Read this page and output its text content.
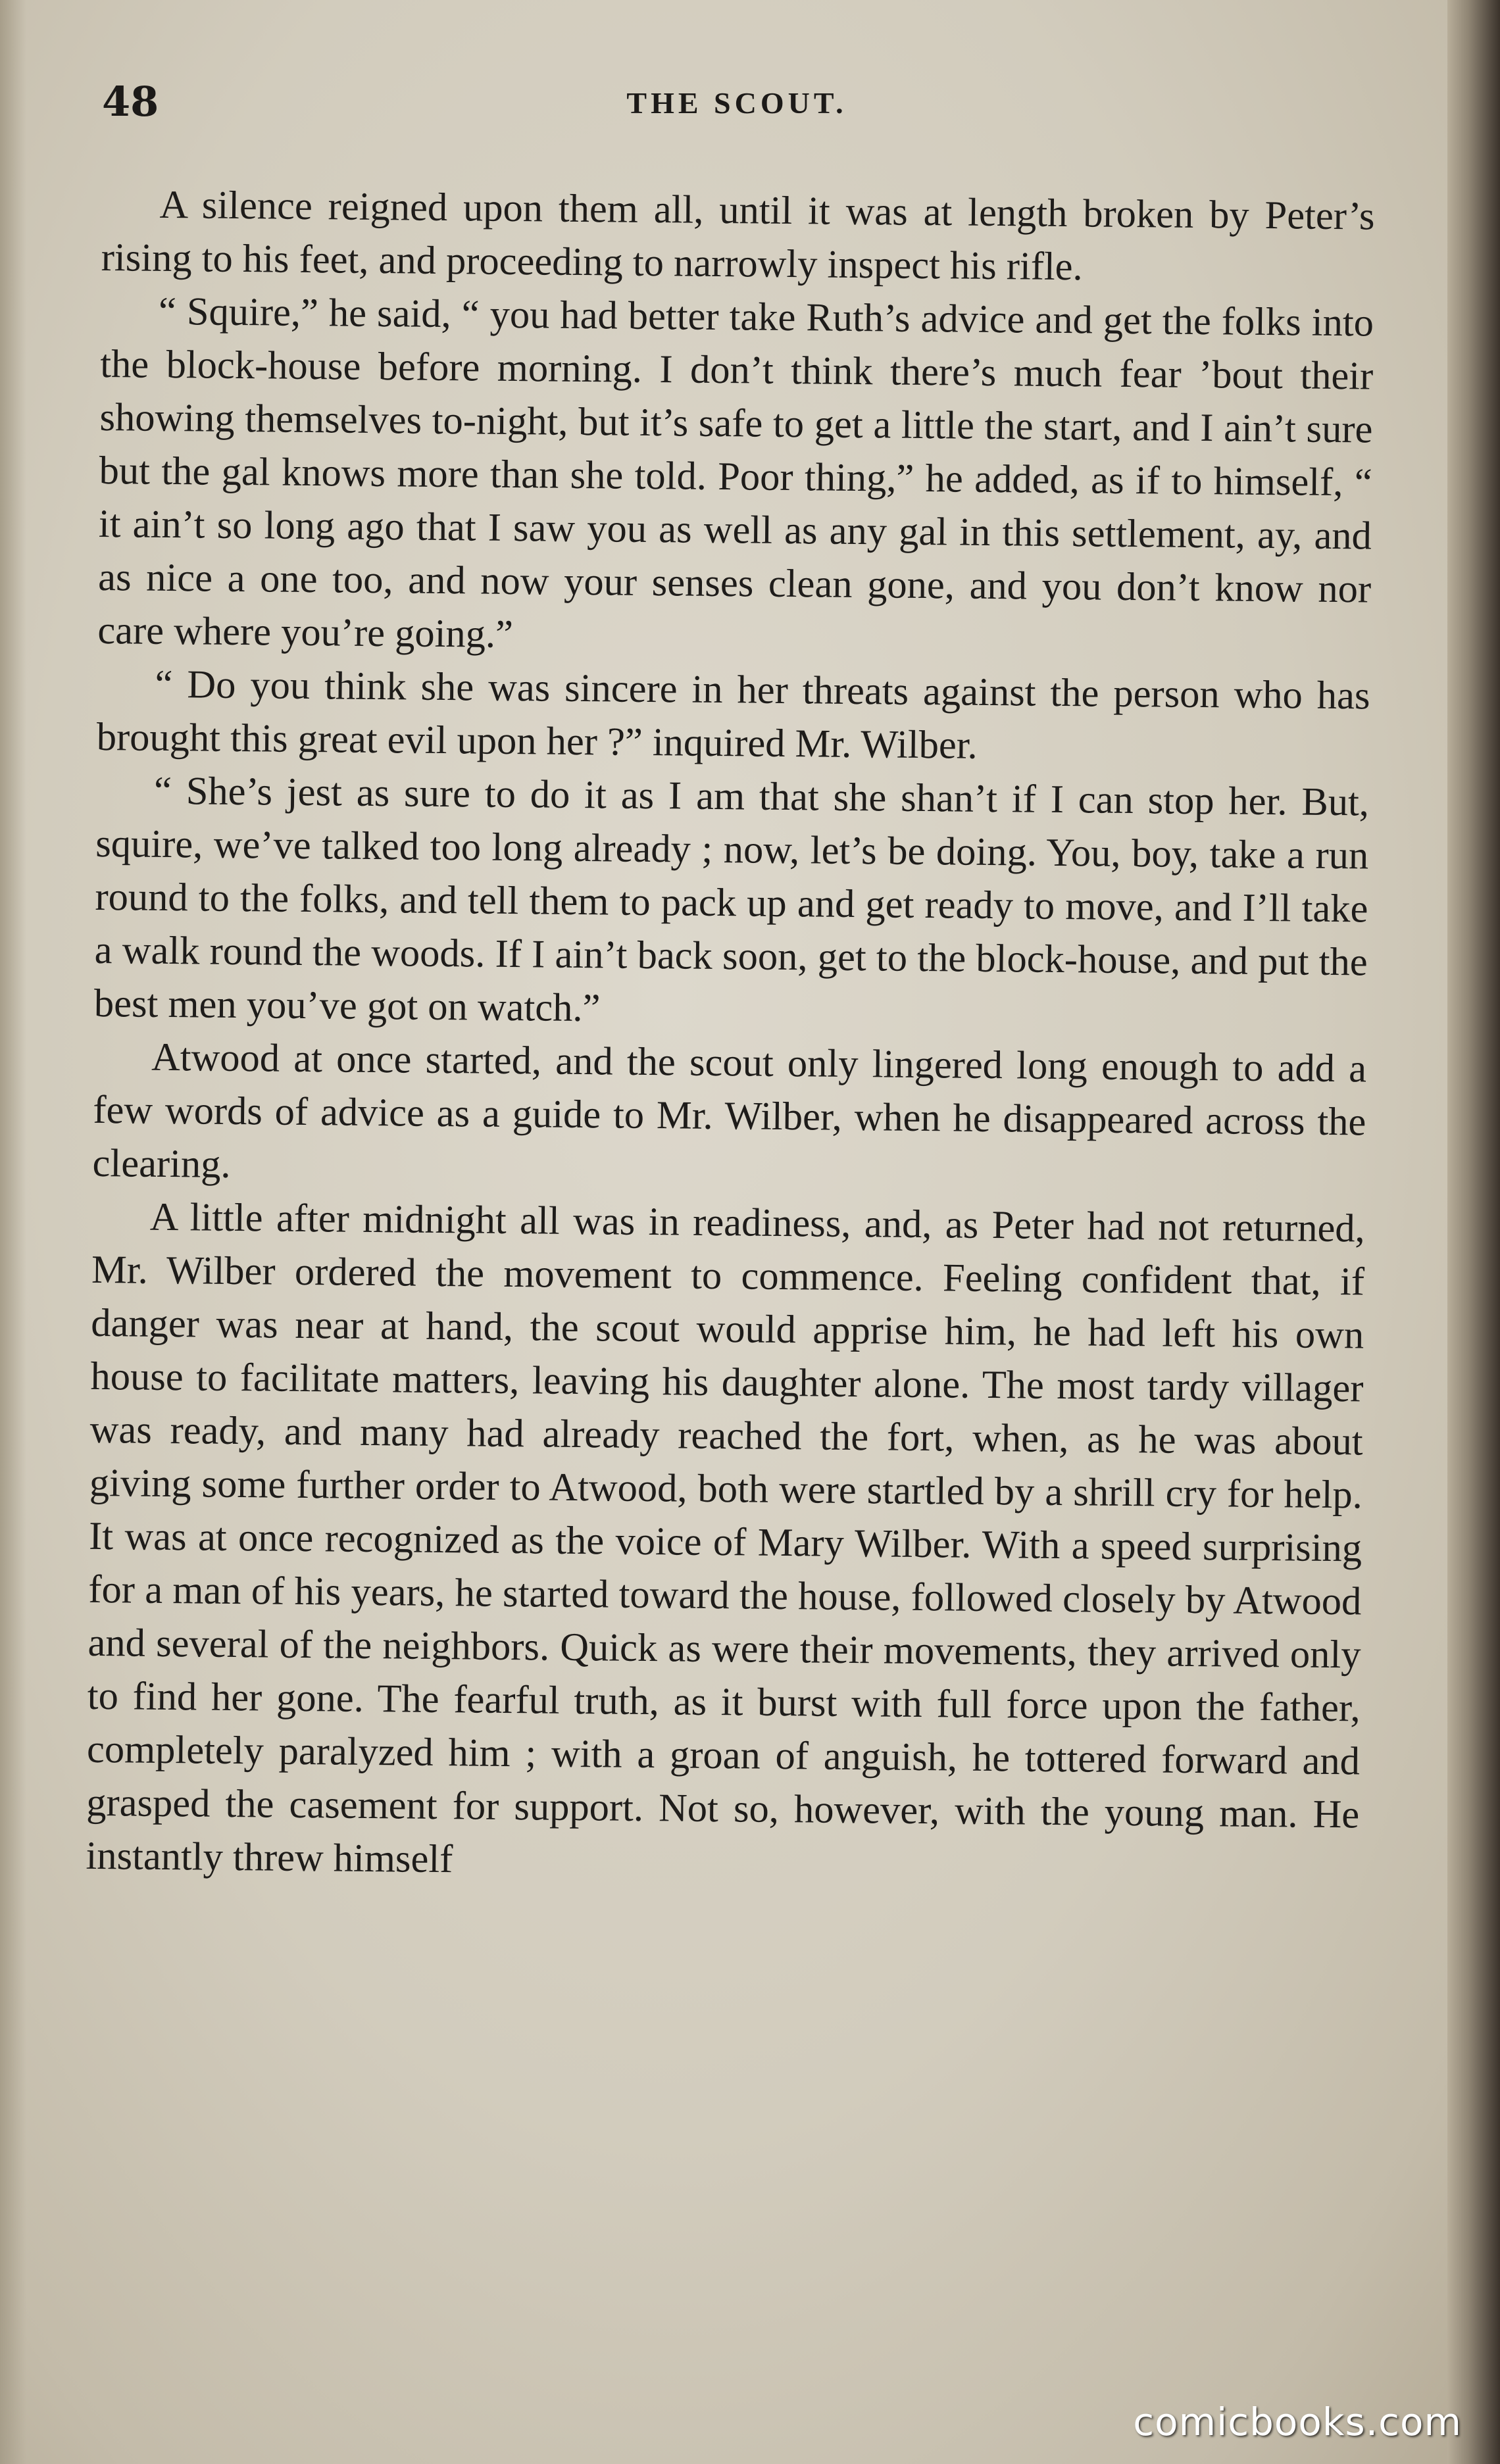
48	THE SCOUT.

A silence reigned upon them all, until it was at length broken by Peter’s rising to his feet, and proceeding to narrowly inspect his rifle.

“ Squire,” he said, “ you had better take Ruth’s advice and get the folks into the block-house before morning. I don’t think there’s much fear ’bout their showing themselves to-night, but it’s safe to get a little the start, and I ain’t sure but the gal knows more than she told. Poor thing,” he added, as if to himself, “ it ain’t so long ago that I saw you as well as any gal in this settlement, ay, and as nice a one too, and now your senses clean gone, and you don’t know nor care where you’re going.”

“ Do you think she was sincere in her threats against the person who has brought this great evil upon her ?” inquired Mr. Wilber.

“ She’s jest as sure to do it as I am that she shan’t if I can stop her. But, squire, we’ve talked too long already ; now, let’s be doing. You, boy, take a run round to the folks, and tell them to pack up and get ready to move, and I’ll take a walk round the woods. If I ain’t back soon, get to the block-house, and put the best men you’ve got on watch.”

Atwood at once started, and the scout only lingered long enough to add a few words of advice as a guide to Mr. Wilber, when he disappeared across the clearing.

A little after midnight all was in readiness, and, as Peter had not returned, Mr. Wilber ordered the movement to commence. Feeling confident that, if danger was near at hand, the scout would apprise him, he had left his own house to facilitate matters, leaving his daughter alone. The most tardy villager was ready, and many had already reached the fort, when, as he was about giving some further order to Atwood, both were startled by a shrill cry for help. It was at once recognized as the voice of Mary Wilber. With a speed surprising for a man of his years, he started toward the house, followed closely by Atwood and several of the neighbors. Quick as were their movements, they arrived only to find her gone. The fearful truth, as it burst with full force upon the father, completely paralyzed him ; with a groan of anguish, he tottered forward and grasped the casement for support. Not so, however, with the young man. He instantly threw himself

comicbooks.com
